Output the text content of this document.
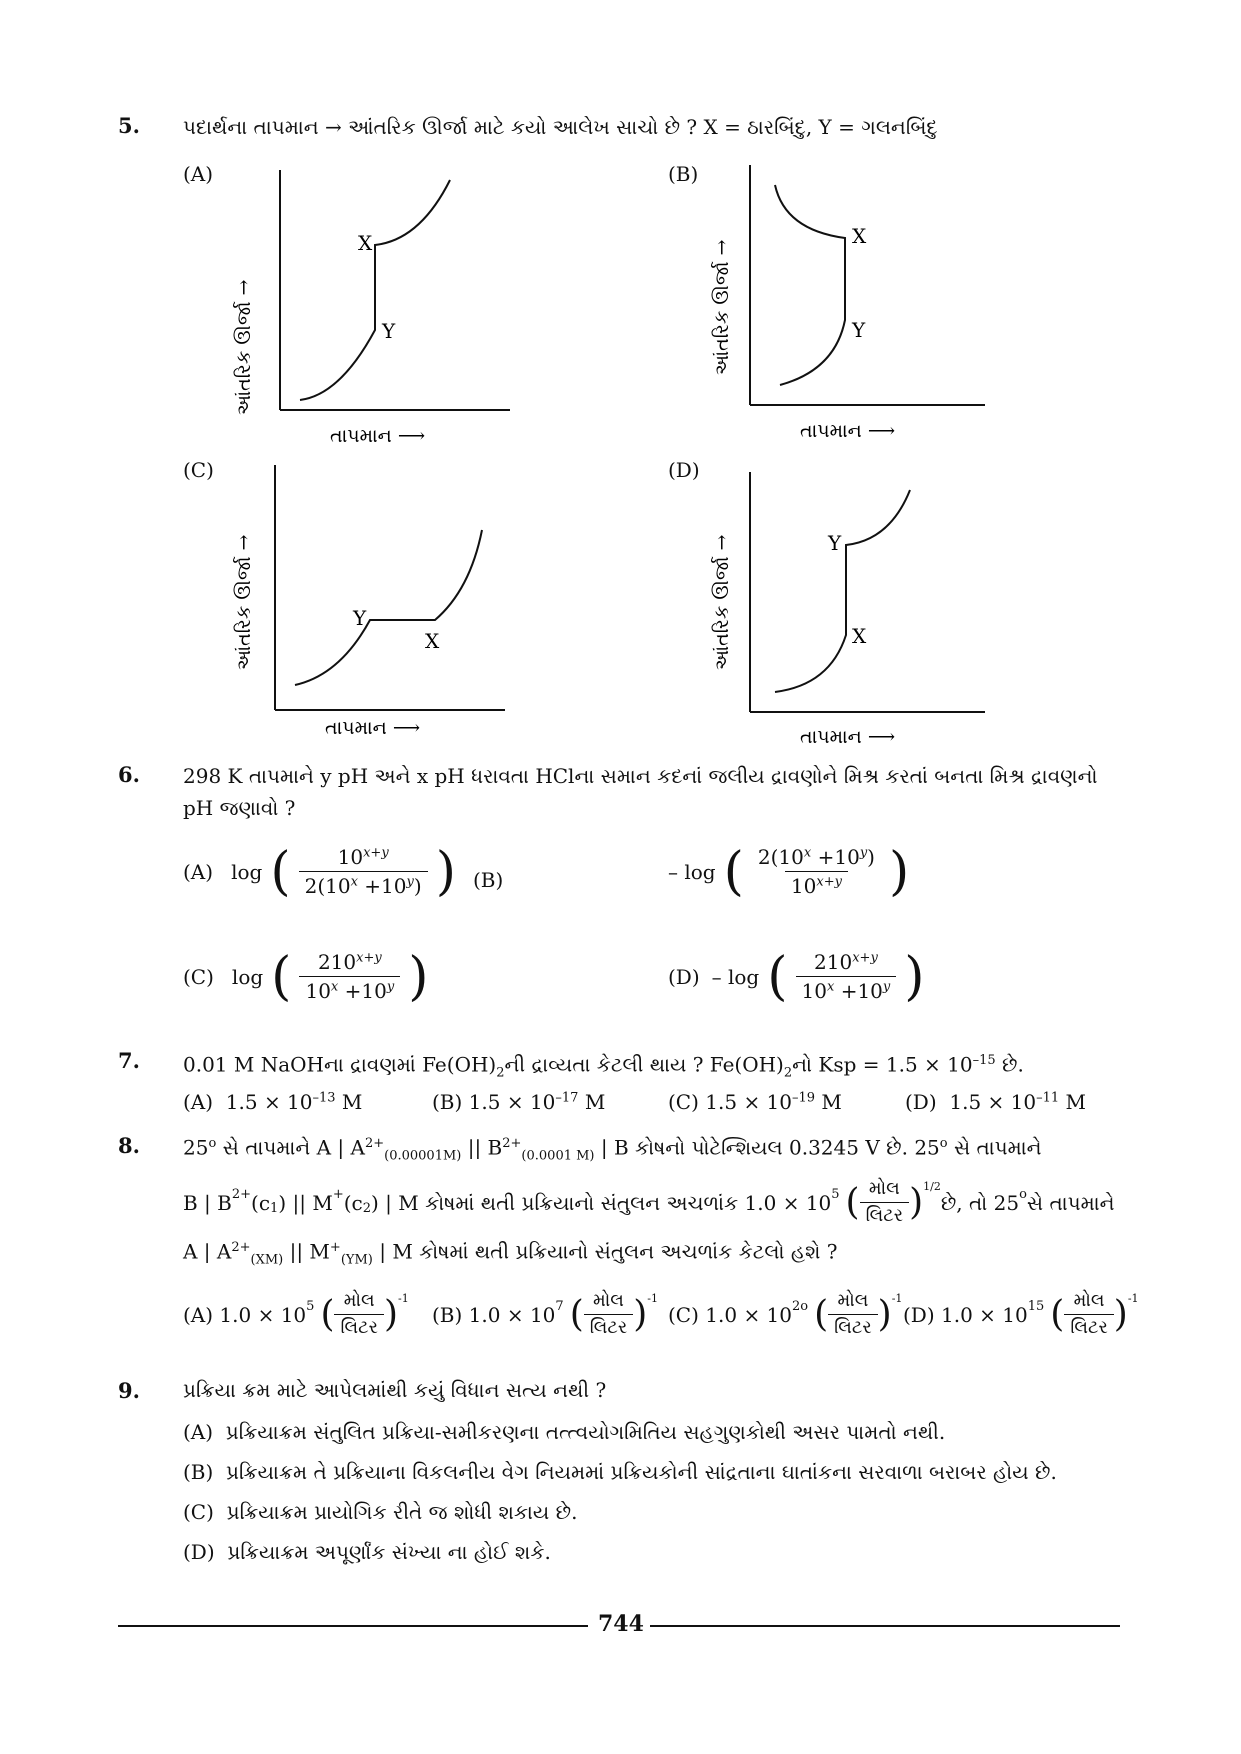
5. પદાર્થના તાપમાન → આંતરિક ઊર્જા માટે કયો આલેખ સાચો છે ? X = ઠારબિંદુ, Y = ગલનબિંદુ
(A)
X
Y
આંતરિક ઊર્જા →
તાપમાન ⟶
(B)
X
Y
આંતરિક ઊર્જા →
તાપમાન ⟶
(C)
Y
X
આંતરિક ઊર્જા →
તાપમાન ⟶
(D)
Y
X
આંતરિક ઊર્જા →
તાપમાન ⟶
6. 298 K તાપમાને y pH અને x pH ધરાવતા HClના સમાન કદનાં જલીય દ્રાવણોને મિશ્ર કરતાં બનતા મિશ્ર દ્રાવણનો
pH જણાવો ?
(A) log ( $\frac{10^{x+y}}{2(10^x +10^y)}$ ) (B)	– log ( $\frac{2(10^x +10^y)}{10^{x+y}}$ )
(C) log ( $\frac{210^{x+y}}{10^x +10^y}$ )	(D) – log ( $\frac{210^{x+y}}{10^x +10^y}$ )
7. 0.01 M NaOHના દ્રાવણમાં $Fe(OH)_2ની$ દ્રાવ્યતા કેટલી થાય ? $Fe(OH)_2નો$ Ksp = $1.5 \times 10^{-15}$ છે.
(A) $1.5 \times 10^{-13}$ M	(B) $1.5 \times 10^{-17}$ M	(C) $1.5 \times 10^{-19}$ M	(D) $1.5 \times 10^{-11}$ M
8. 25$^o$ સે તાપમાને A | $A^{2+}_{(0.00001M)}$ || $B^{2+}_{(0.0001 M)}$ | B કોષનો પોટેન્શિયલ 0.3245 V છે. 25$^o$ સે તાપમાને
B | $B^{2+}$ ($c_1$ ) || M+ ($c_2$ ) | M કોષમાં થતી પ્રક્રિયાનો સંતુલન અચળાંક $1.0 \times 10^5$ ( $\frac{\text{મોલ}}{\text{લિટર}} )^{1/2}$
છે, તો 25$^o$ સે તાપમાને
A | $A^{2+}_{(XM)}$ || $M^+_{(YM)}$ | M કોષમાં થતી પ્રક્રિયાનો સંતુલન અચળાંક કેટલો હશે ?
(A)
$1.0 \times 10^5$ ( $\frac{\text{મોલ}}{\text{લિટર}} )^{-1}$
(B)
$1.0 \times 10^7$ ( $\frac{\text{મોલ}}{\text{લિટર}} )^{-1}$
(C)
$1.0 \times 10^{2o}$ ( $\frac{\text{મોલ}}{\text{લિટર}} )^{-1}$
(D)
$1.0 \times 10^{15}$ ( $\frac{\text{મોલ}}{\text{લિટર}} )^{-1}$
9. પ્રક્રિયા ક્રમ માટે આપેલમાંથી કયું વિધાન સત્ય નથી ?
(A) પ્રક્રિયાક્રમ સંતુલિત પ્રક્રિયા-સમીકરણના તત્ત્વયોગમિતિય સહગુણકોથી અસર પામતો નથી.
(B) પ્રક્રિયાક્રમ તે પ્રક્રિયાના વિકલનીય વેગ નિયમમાં પ્રક્રિયકોની સાંદ્રતાના ઘાતાંકના સરવાળા બરાબર હોય છે.
(C) પ્રક્રિયાક્રમ પ્રાયોગિક રીતે જ શોધી શકાય છે.
(D) પ્રક્રિયાક્રમ અપૂર્ણાંક સંખ્યા ના હોઈ શકે.
744
